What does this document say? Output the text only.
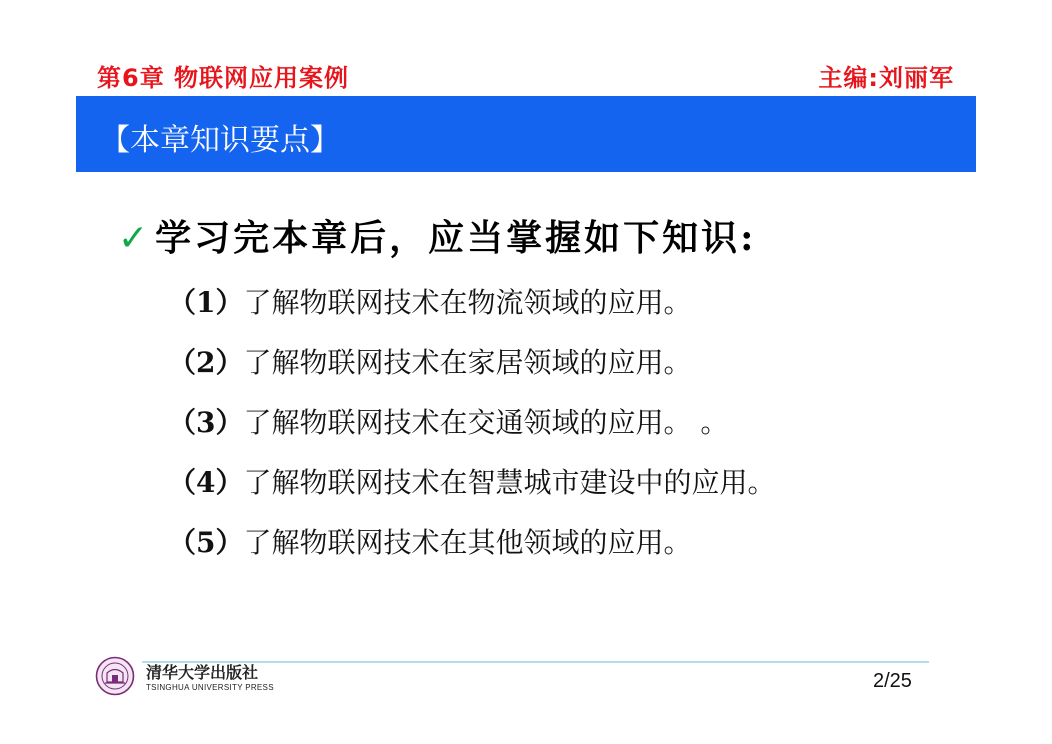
第6章 物联网应用案例	主编:刘丽军
【本章知识要点】
✓ 学习完本章后，应当掌握如下知识:
（1）了解物联网技术在物流领域的应用。
（2）了解物联网技术在家居领域的应用。
（3）了解物联网技术在交通领域的应用。 。
（4）了解物联网技术在智慧城市建设中的应用。
（5）了解物联网技术在其他领域的应用。
清华大学出版社
TSINGHUA UNIVERSITY PRESS	2/25
